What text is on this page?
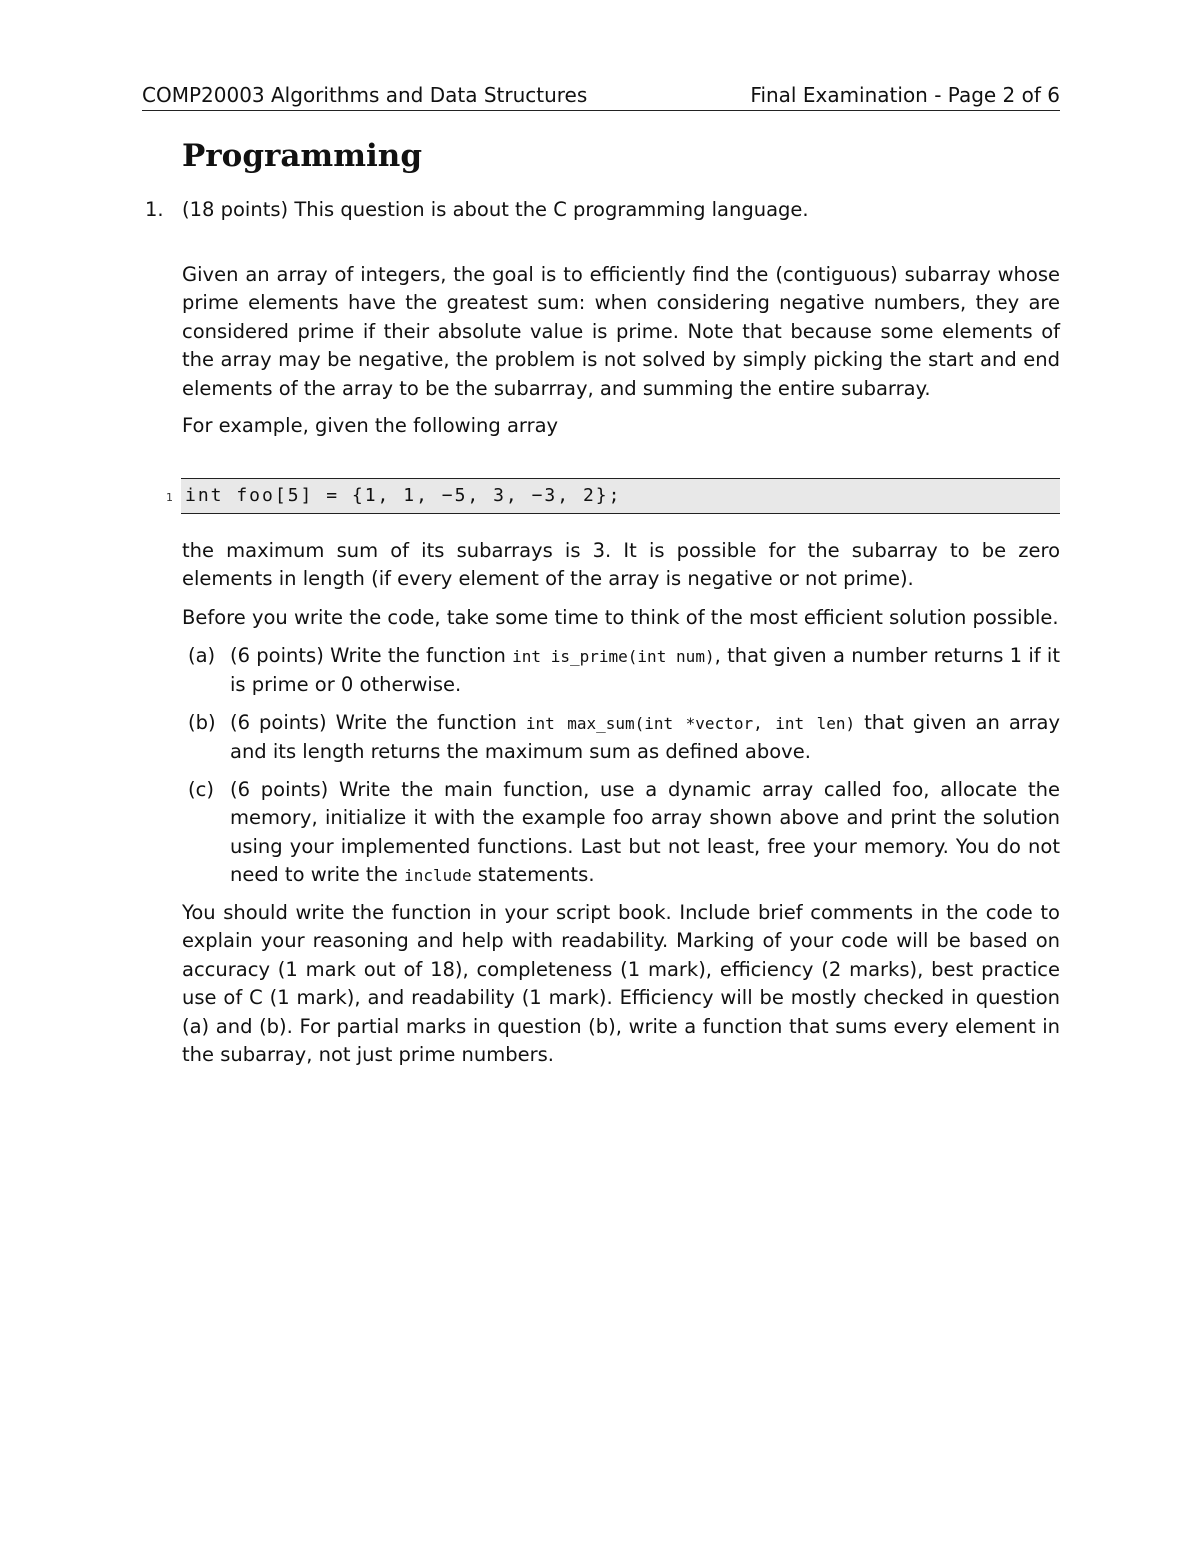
COMP20003 Algorithms and Data Structures	Final Examination - Page 2 of 6
Programming
1. (18 points) This question is about the C programming language.
Given an array of integers, the goal is to efficiently find the (contiguous) subarray whose prime elements have the greatest sum: when considering negative numbers, they are considered prime if their absolute value is prime. Note that because some elements of the array may be negative, the problem is not solved by simply picking the start and end elements of the array to be the subarrray, and summing the entire subarray.
For example, given the following array
1 int foo[5] = {1, 1, −5, 3, −3, 2};
the maximum sum of its subarrays is 3. It is possible for the subarray to be zero elements in length (if every element of the array is negative or not prime).
Before you write the code, take some time to think of the most efficient solution possible.
(a) (6 points) Write the function int is_prime(int num), that given a number returns 1 if it is prime or 0 otherwise.
(b) (6 points) Write the function int max_sum(int *vector, int len) that given an array and its length returns the maximum sum as defined above.
(c) (6 points) Write the main function, use a dynamic array called foo, allocate the memory, initialize it with the example foo array shown above and print the solution using your implemented functions. Last but not least, free your memory. You do not need to write the include statements.
You should write the function in your script book. Include brief comments in the code to explain your reasoning and help with readability. Marking of your code will be based on accuracy (1 mark out of 18), completeness (1 mark), efficiency (2 marks), best practice use of C (1 mark), and readability (1 mark). Efficiency will be mostly checked in question (a) and (b). For partial marks in question (b), write a function that sums every element in the subarray, not just prime numbers.
